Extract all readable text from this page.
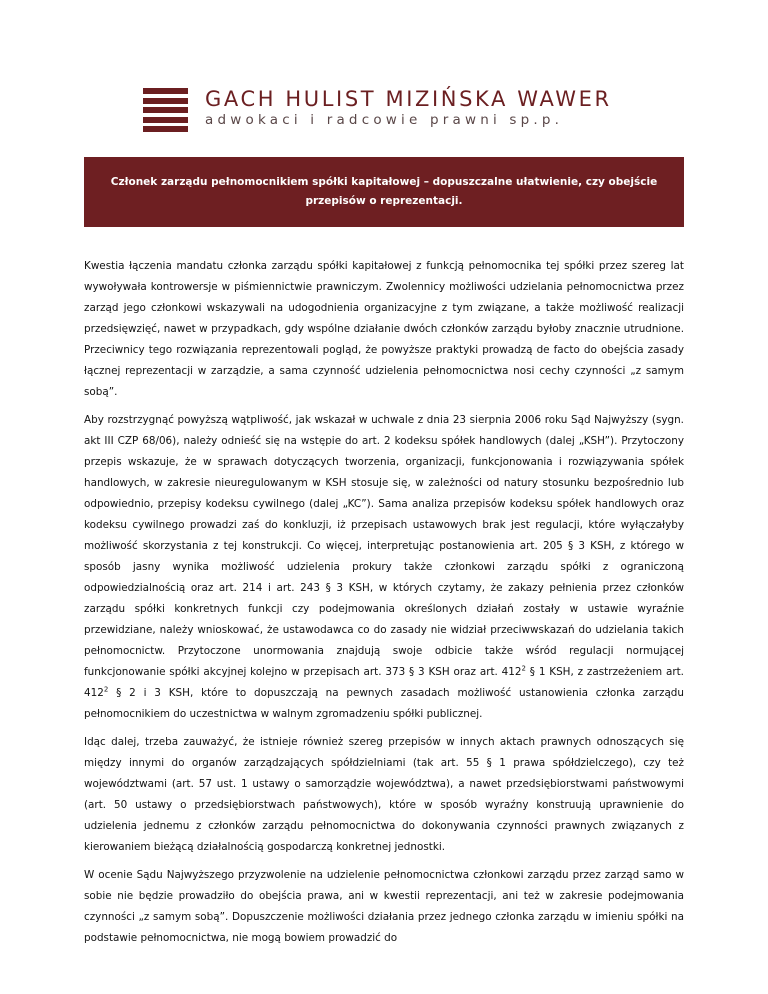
GACH HULIST MIZIŃSKA WAWER
adwokaci i radcowie prawni sp.p.
Członek zarządu pełnomocnikiem spółki kapitałowej – dopuszczalne ułatwienie, czy obejście
przepisów o reprezentacji.

Kwestia łączenia mandatu członka zarządu spółki kapitałowej z funkcją pełnomocnika tej spółki przez szereg lat wywoływała kontrowersje w piśmiennictwie prawniczym. Zwolennicy możliwości udzielania pełnomocnictwa przez zarząd jego członkowi wskazywali na udogodnienia organizacyjne z tym związane, a także możliwość realizacji przedsięwzięć, nawet w przypadkach, gdy wspólne działanie dwóch członków zarządu byłoby znacznie utrudnione. Przeciwnicy tego rozwiązania reprezentowali pogląd, że powyższe praktyki prowadzą de facto do obejścia zasady łącznej reprezentacji w zarządzie, a sama czynność udzielenia pełnomocnictwa nosi cechy czynności „z samym sobą”.

Aby rozstrzygnąć powyższą wątpliwość, jak wskazał w uchwale z dnia 23 sierpnia 2006 roku Sąd Najwyższy (sygn. akt III CZP 68/06), należy odnieść się na wstępie do art. 2 kodeksu spółek handlowych (dalej „KSH”). Przytoczony przepis wskazuje, że w sprawach dotyczących tworzenia, organizacji, funkcjonowania i rozwiązywania spółek handlowych, w zakresie nieuregulowanym w KSH stosuje się, w zależności od natury stosunku bezpośrednio lub odpowiednio, przepisy kodeksu cywilnego (dalej „KC”). Sama analiza przepisów kodeksu spółek handlowych oraz kodeksu cywilnego prowadzi zaś do konkluzji, iż przepisach ustawowych brak jest regulacji, które wyłączałyby możliwość skorzystania z tej konstrukcji. Co więcej, interpretując postanowienia art. 205 § 3 KSH, z którego w sposób jasny wynika możliwość udzielenia prokury także członkowi zarządu spółki z ograniczoną odpowiedzialnością oraz art. 214 i art. 243 § 3 KSH, w których czytamy, że zakazy pełnienia przez członków zarządu spółki konkretnych funkcji czy podejmowania określonych działań zostały w ustawie wyraźnie przewidziane, należy wnioskować, że ustawodawca co do zasady nie widział przeciwwskazań do udzielania takich pełnomocnictw. Przytoczone unormowania znajdują swoje odbicie także wśród regulacji normującej funkcjonowanie spółki akcyjnej kolejno w przepisach art. 373 § 3 KSH oraz art. $412^2$ § 1 KSH, z zastrzeżeniem art. $412^2$ § 2 i 3 KSH, które to dopuszczają na pewnych zasadach możliwość ustanowienia członka zarządu pełnomocnikiem do uczestnictwa w walnym zgromadzeniu spółki publicznej.

Idąc dalej, trzeba zauważyć, że istnieje również szereg przepisów w innych aktach prawnych odnoszących się między innymi do organów zarządzających spółdzielniami (tak art. 55 § 1 prawa spółdzielczego), czy też województwami (art. 57 ust. 1 ustawy o samorządzie województwa), a nawet przedsiębiorstwami państwowymi (art. 50 ustawy o przedsiębiorstwach państwowych), które w sposób wyraźny konstruują uprawnienie do udzielenia jednemu z członków zarządu pełnomocnictwa do dokonywania czynności prawnych związanych z kierowaniem bieżącą działalnością gospodarczą konkretnej jednostki.

W ocenie Sądu Najwyższego przyzwolenie na udzielenie pełnomocnictwa członkowi zarządu przez zarząd samo w sobie nie będzie prowadziło do obejścia prawa, ani w kwestii reprezentacji, ani też w zakresie podejmowania czynności „z samym sobą”. Dopuszczenie możliwości działania przez jednego członka zarządu w imieniu spółki na podstawie pełnomocnictwa, nie mogą bowiem prowadzić do
